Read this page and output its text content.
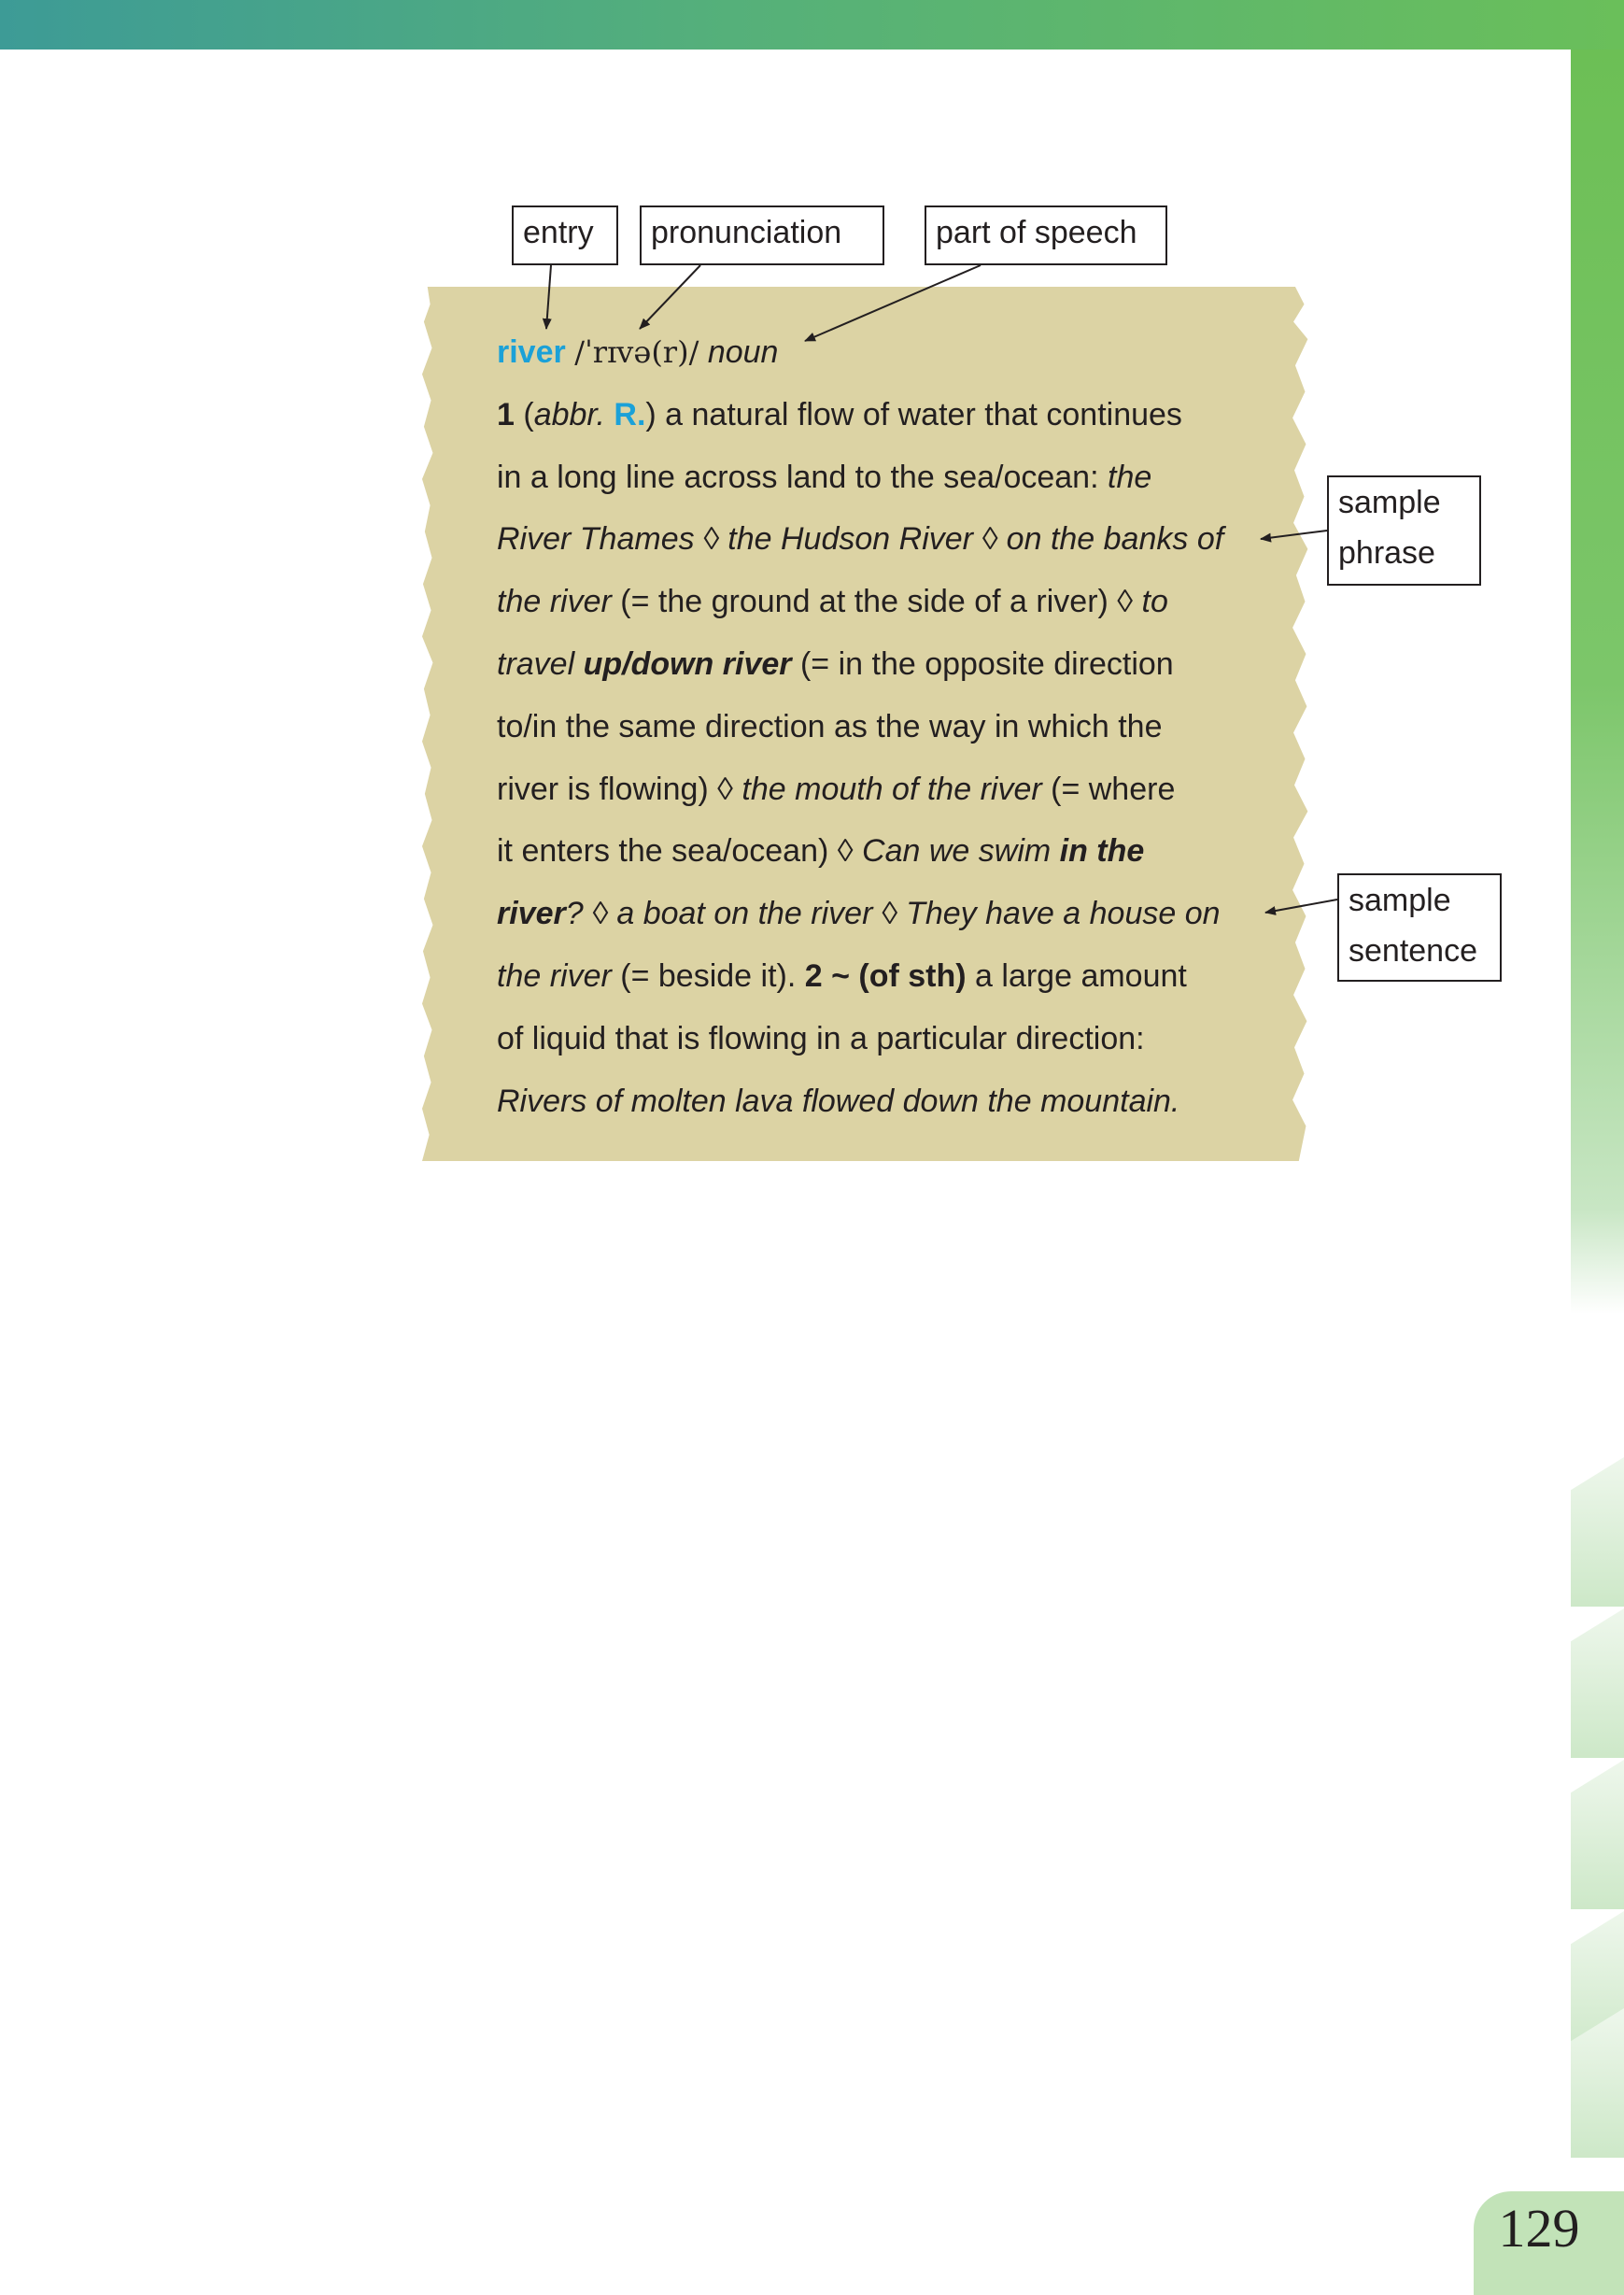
river /ˈrɪvə(r)/ noun
1 (abbr. R.) a natural flow of water that continues
in a long line across land to the sea/ocean: the
River Thames ◊ the Hudson River ◊ on the banks of
the river (= the ground at the side of a river) ◊ to
travel up/down river (= in the opposite direction
to/in the same direction as the way in which the
river is flowing) ◊ the mouth of the river (= where
it enters the sea/ocean) ◊ Can we swim in the
river? ◊ a boat on the river ◊ They have a house on
the river (= beside it). 2 ~ (of sth) a large amount
of liquid that is flowing in a particular direction:
Rivers of molten lava flowed down the mountain.
entry	pronunciation	part of speech
sample
phrase
sample
sentence
129
